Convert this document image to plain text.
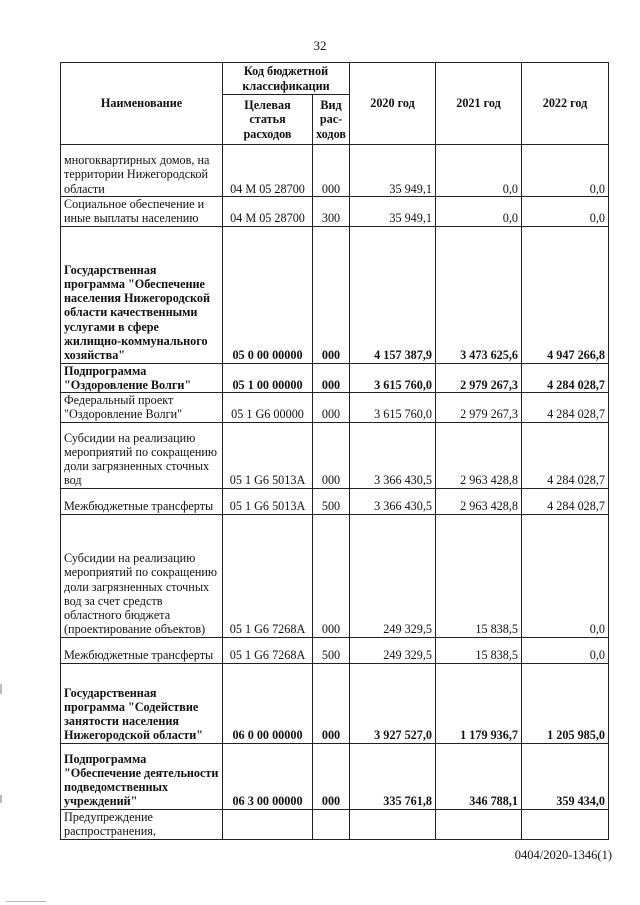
32
Наименование	Код бюджетной классификации		2020 год	2021 год	2022 год
	Целевая статья расходов	Вид рас-ходов			
многоквартирных домов, на территории Нижегородской области	04 М 05 28700	000	35 949,1	0,0	0,0
Социальное обеспечение и иные выплаты населению	04 М 05 28700	300	35 949,1	0,0	0,0
Государственная программа "Обеспечение населения Нижегородской области качественными услугами в сфере жилищно-коммунального хозяйства"	05 0 00 00000	000	4 157 387,9	3 473 625,6	4 947 266,8
Подпрограмма "Оздоровление Волги"	05 1 00 00000	000	3 615 760,0	2 979 267,3	4 284 028,7
Федеральный проект "Оздоровление Волги"	05 1 G6 00000	000	3 615 760,0	2 979 267,3	4 284 028,7
Субсидии на реализацию мероприятий по сокращению доли загрязненных сточных вод	05 1 G6 5013A	000	3 366 430,5	2 963 428,8	4 284 028,7
Межбюджетные трансферты	05 1 G6 5013A	500	3 366 430,5	2 963 428,8	4 284 028,7
Субсидии на реализацию мероприятий по сокращению доли загрязненных сточных вод за счет средств областного бюджета (проектирование объектов)	05 1 G6 7268A	000	249 329,5	15 838,5	0,0
Межбюджетные трансферты	05 1 G6 7268A	500	249 329,5	15 838,5	0,0
Государственная программа "Содействие занятости населения Нижегородской области"	06 0 00 00000	000	3 927 527,0	1 179 936,7	1 205 985,0
Подпрограмма "Обеспечение деятельности подведомственных учреждений"	06 3 00 00000	000	335 761,8	346 788,1	359 434,0
Предупреждение распространения,					
0404/2020-1346(1)
